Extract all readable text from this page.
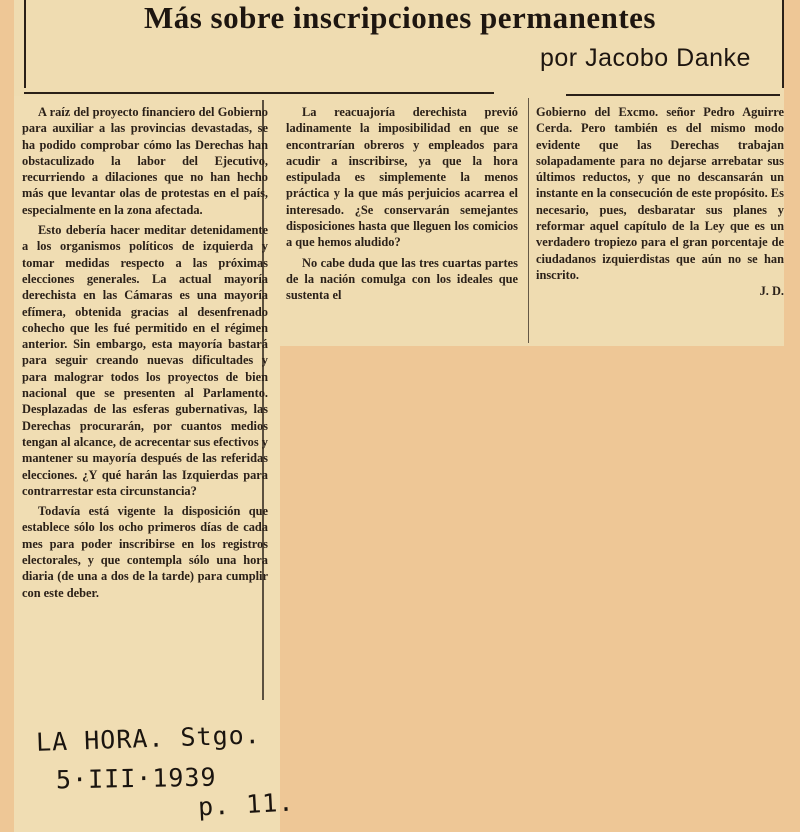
Más sobre inscripciones permanentes
por Jacobo Danke

A raíz del proyecto financiero del Gobierno para auxiliar a las provincias devastadas, se ha podido comprobar cómo las Derechas han obstaculizado la labor del Ejecutivo, recurriendo a dilaciones que no han hecho más que levantar olas de protestas en el país, especialmente en la zona afectada.

Esto debería hacer meditar detenidamente a los organismos políticos de izquierda y tomar medidas respecto a las próximas elecciones generales. La actual mayoría derechista en las Cámaras es una mayoría efímera, obtenida gracias al desenfrenado cohecho que les fué permitido en el régimen anterior. Sin embargo, esta mayoría bastará para seguir creando nuevas dificultades y para malograr todos los proyectos de bien nacional que se presenten al Parlamento. Desplazadas de las esferas gubernativas, las Derechas procurarán, por cuantos medios tengan al alcance, de acrecentar sus efectivos y mantener su mayoría después de las referidas elecciones. ¿Y qué harán las Izquierdas para contrarrestar esta circunstancia?

Todavía está vigente la disposición que establece sólo los ocho primeros días de cada mes para poder inscribirse en los registros electorales, y que contempla sólo una hora diaria (de una a dos de la tarde) para cumplir con este deber.

La reacuajoría derechista previó ladinamente la imposibilidad en que se encontrarían obreros y empleados para acudir a inscribirse, ya que la hora estipulada es simplemente la menos práctica y la que más perjuicios acarrea el interesado. ¿Se conservarán semejantes disposiciones hasta que lleguen los comicios a que hemos aludido?

No cabe duda que las tres cuartas partes de la nación comulga con los ideales que sustenta el

Gobierno del Excmo. señor Pedro Aguirre Cerda. Pero también es del mismo modo evidente que las Derechas trabajan solapadamente para no dejarse arrebatar sus últimos reductos, y que no descansarán un instante en la consecución de este propósito. Es necesario, pues, desbaratar sus planes y reformar aquel capítulo de la Ley que es un verdadero tropiezo para el gran porcentaje de ciudadanos izquierdistas que aún no se han inscrito.

J. D.

LA HORA. Stgo.
5·III·1939
p. 11.
